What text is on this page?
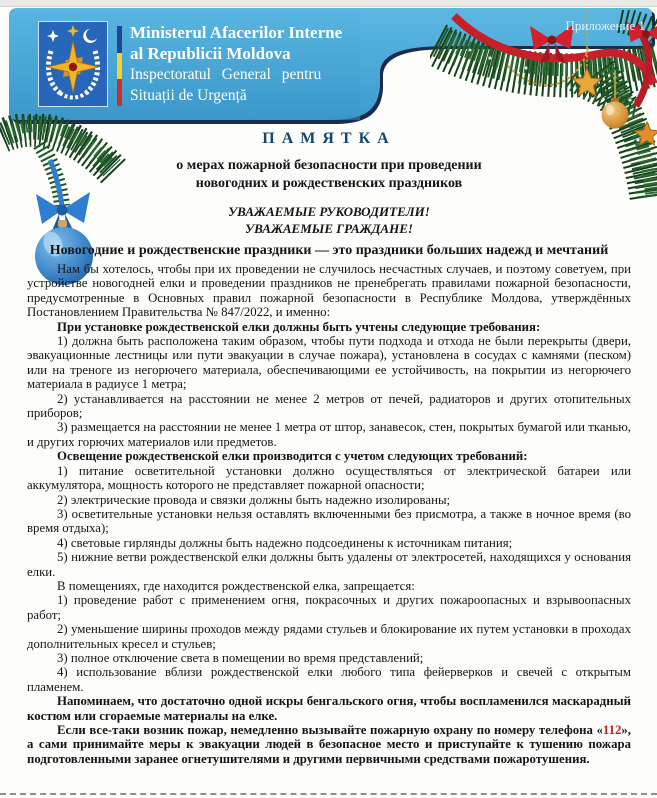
Ministerul Afacerilor Interne
al Republicii Moldova
Inspectoratul General pentru
Situații de Urgență
Приложение 1
ПАМЯТКА
о мерах пожарной безопасности при проведении
новогодних и рождественских праздников
УВАЖАЕМЫЕ РУКОВОДИТЕЛИ!
УВАЖАЕМЫЕ ГРАЖДАНЕ!
Новогодние и рождественские праздники — это праздники больших надежд и мечтаний

Нам бы хотелось, чтобы при их проведении не случилось несчастных случаев, и поэтому советуем, при устройстве новогодней елки и проведении праздников не пренебрегать правилами пожарной безопасности, предусмотренные в Основных правил пожарной безопасности в Республике Молдова, утверждённых Постановлением Правительства № 847/2022, и именно:

При установке рождественской елки должны быть учтены следующие требования:

1) должна быть расположена таким образом, чтобы пути подхода и отхода не были перекрыты (двери, эвакуационные лестницы или пути эвакуации в случае пожара), установлена в сосудах с камнями (песком) или на треноге из негорючего материала, обеспечивающими ее устойчивость, на покрытии из негорючего материала в радиусе 1 метра;

2) устанавливается на расстоянии не менее 2 метров от печей, радиаторов и других отопительных приборов;

3) размещается на расстоянии не менее 1 метра от штор, занавесок, стен, покрытых бумагой или тканью, и других горючих материалов или предметов.

Освещение рождественской елки производится с учетом следующих требований:

1) питание осветительной установки должно осуществляться от электрической батареи или аккумулятора, мощность которого не представляет пожарной опасности;

2) электрические провода и связки должны быть надежно изолированы;

3) осветительные установки нельзя оставлять включенными без присмотра, а также в ночное время (во время отдыха);

4) световые гирлянды должны быть надежно подсоединены к источникам питания;

5) нижние ветви рождественской елки должны быть удалены от электросетей, находящихся у основания елки.

В помещениях, где находится рождественской елка, запрещается:

1) проведение работ с применением огня, покрасочных и других пожароопасных и взрывоопасных работ;

2) уменьшение ширины проходов между рядами стульев и блокирование их путем установки в проходах дополнительных кресел и стульев;

3) полное отключение света в помещении во время представлений;

4) использование вблизи рождественской елки любого типа фейерверков и свечей с открытым пламенем.

Напоминаем, что достаточно одной искры бенгальского огня, чтобы воспламенился маскарадный костюм или сгораемые материалы на елке.

Если все-таки возник пожар, немедленно вызывайте пожарную охрану по номеру телефона «112», а сами принимайте меры к эвакуации людей в безопасное место и приступайте к тушению пожара подготовленными заранее огнетушителями и другими первичными средствами пожаротушения.
